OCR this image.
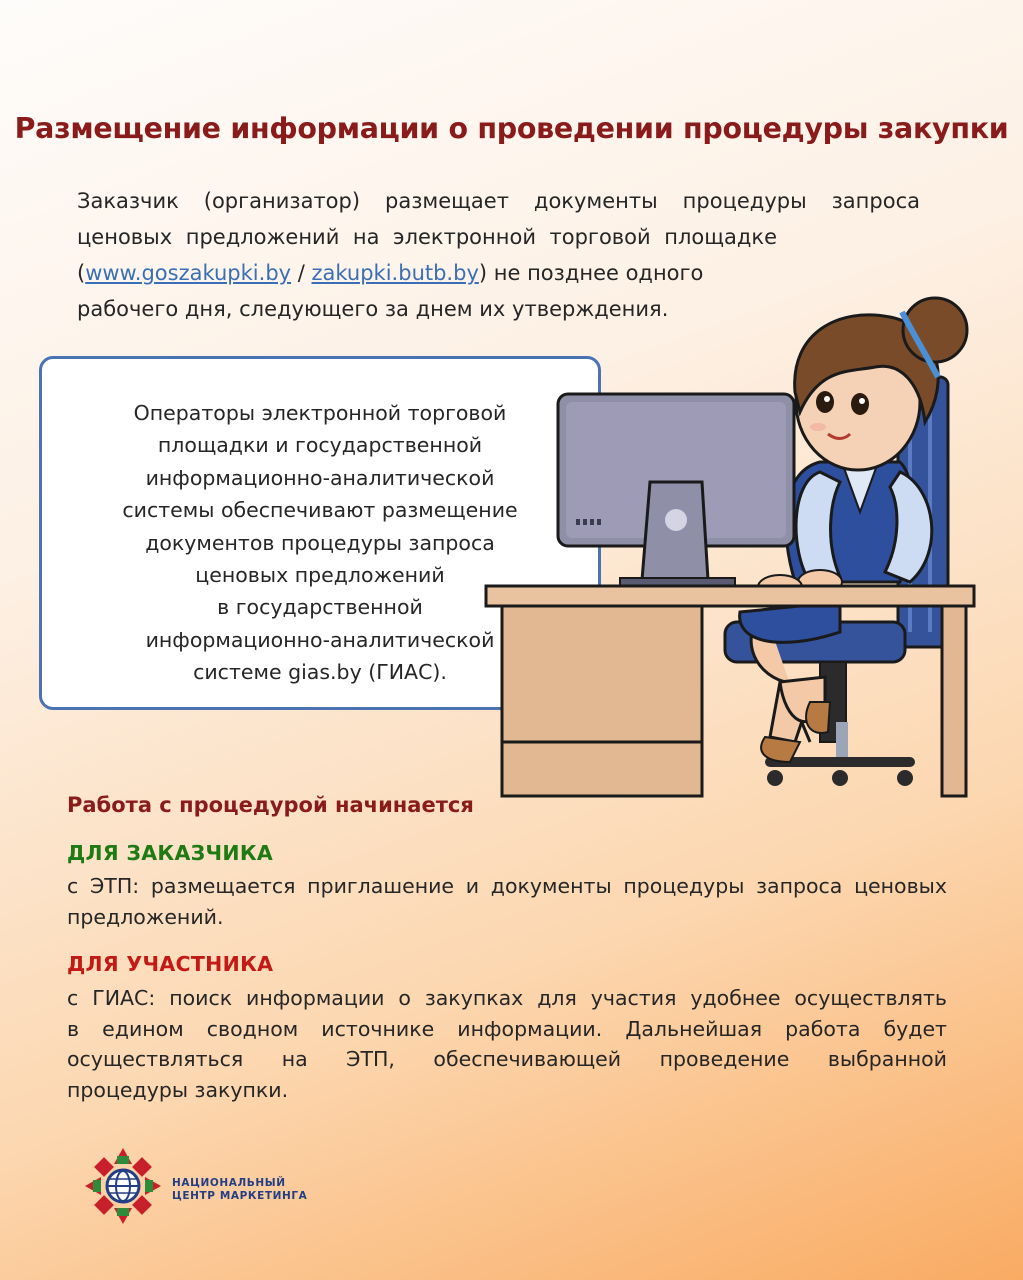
Размещение информации о проведении процедуры закупки
Заказчик (организатор) размещает документы процедуры запроса
ценовых предложений на электронной торговой площадке
(www.goszakupki.by / zakupki.butb.by) не позднее одного
рабочего дня, следующего за днем их утверждения.
Операторы электронной торговой
площадки и государственной
информационно-аналитической
системы обеспечивают размещение
документов процедуры запроса
ценовых предложений
в государственной
информационно-аналитической
системе gias.by (ГИАС).
Работа с процедурой начинается
ДЛЯ ЗАКАЗЧИКА
с ЭТП: размещается приглашение и документы процедуры запроса ценовых
предложений.
ДЛЯ УЧАСТНИКА
с ГИАС: поиск информации о закупках для участия удобнее осуществлять
в едином сводном источнике информации. Дальнейшая работа будет
осуществляться на ЭТП, обеспечивающей проведение выбранной
процедуры закупки.
НАЦИОНАЛЬНЫЙ
ЦЕНТР МАРКЕТИНГА
